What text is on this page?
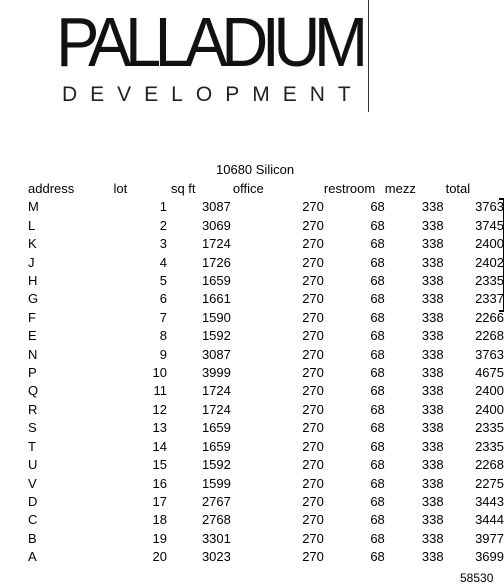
PALLADIUM
DEVELOPMENT
10680 Silicon
address	lot	sq ft	office	restroom	mezz	total
M	1	3087	270	68	338	3763
L	2	3069	270	68	338	3745
K	3	1724	270	68	338	2400
J	4	1726	270	68	338	2402
H	5	1659	270	68	338	2335
G	6	1661	270	68	338	2337
F	7	1590	270	68	338	2266
E	8	1592	270	68	338	2268
N	9	3087	270	68	338	3763
P	10	3999	270	68	338	4675
Q	11	1724	270	68	338	2400
R	12	1724	270	68	338	2400
S	13	1659	270	68	338	2335
T	14	1659	270	68	338	2335
U	15	1592	270	68	338	2268
V	16	1599	270	68	338	2275
D	17	2767	270	68	338	3443
C	18	2768	270	68	338	3444
B	19	3301	270	68	338	3977
A	20	3023	270	68	338	3699
58530
